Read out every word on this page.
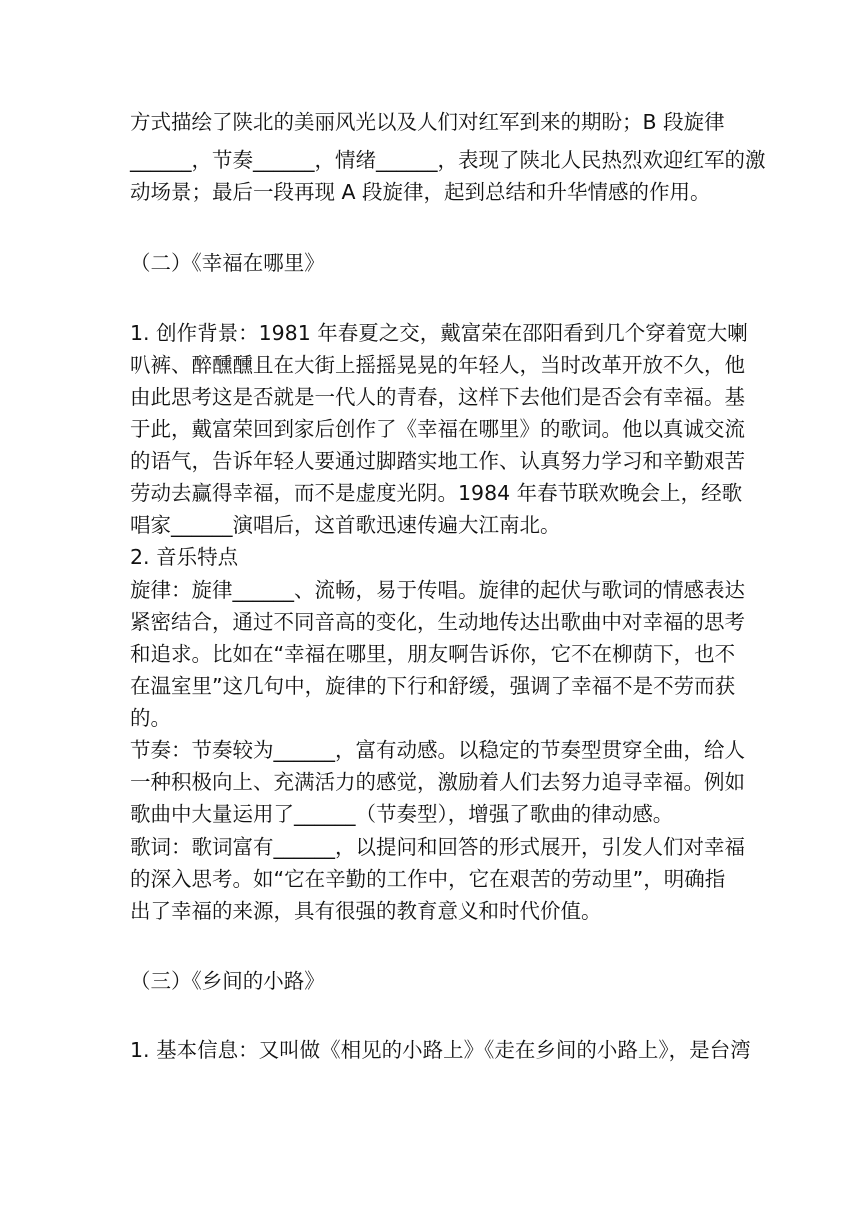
方式描绘了陕北的美丽风光以及人们对红军到来的期盼；B 段旋律
______，节奏______，情绪______，表现了陕北人民热烈欢迎红军的激
动场景；最后一段再现 A 段旋律，起到总结和升华情感的作用。
（二）《幸福在哪里》
1. 创作背景：1981 年春夏之交，戴富荣在邵阳看到几个穿着宽大喇
叭裤、醉醺醺且在大街上摇摇晃晃的年轻人，当时改革开放不久，他
由此思考这是否就是一代人的青春，这样下去他们是否会有幸福。基
于此，戴富荣回到家后创作了《幸福在哪里》的歌词。他以真诚交流
的语气，告诉年轻人要通过脚踏实地工作、认真努力学习和辛勤艰苦
劳动去赢得幸福，而不是虚度光阴。1984 年春节联欢晚会上，经歌
唱家______演唱后，这首歌迅速传遍大江南北。
2. 音乐特点
旋律：旋律______、流畅，易于传唱。旋律的起伏与歌词的情感表达
紧密结合，通过不同音高的变化，生动地传达出歌曲中对幸福的思考
和追求。比如在“幸福在哪里，朋友啊告诉你，它不在柳荫下，也不
在温室里”这几句中，旋律的下行和舒缓，强调了幸福不是不劳而获
的。
节奏：节奏较为______，富有动感。以稳定的节奏型贯穿全曲，给人
一种积极向上、充满活力的感觉，激励着人们去努力追寻幸福。例如
歌曲中大量运用了______（节奏型），增强了歌曲的律动感。
歌词：歌词富有______，以提问和回答的形式展开，引发人们对幸福
的深入思考。如“它在辛勤的工作中，它在艰苦的劳动里”，明确指
出了幸福的来源，具有很强的教育意义和时代价值。
（三）《乡间的小路》
1. 基本信息：又叫做《相见的小路上》《走在乡间的小路上》，是台湾
